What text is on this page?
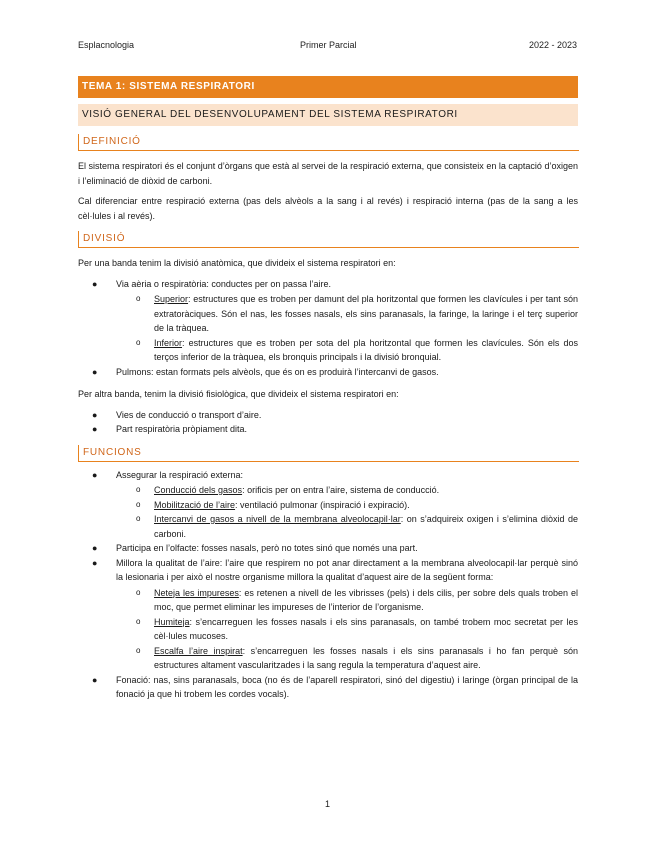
Esplacnologia	Primer Parcial	2022 - 2023
TEMA 1: SISTEMA RESPIRATORI
VISIÓ GENERAL DEL DESENVOLUPAMENT DEL SISTEMA RESPIRATORI
DEFINICIÓ

El sistema respiratori és el conjunt d’òrgans que està al servei de la respiració externa, que consisteix en la captació d’oxigen i l’eliminació de diòxid de carboni.

Cal diferenciar entre respiració externa (pas dels alvèols a la sang i al revés) i respiració interna (pas de la sang a les cèl·lules i al revés).

DIVISIÓ

Per una banda tenim la divisió anatòmica, que divideix el sistema respiratori en:

● Via aèria o respiratòria: conductes per on passa l’aire.
o Superior: estructures que es troben per damunt del pla horitzontal que formen les clavícules i per tant són extratoràciques. Són el nas, les fosses nasals, els sins paranasals, la faringe, la laringe i el terç superior de la tràquea.
o Inferior: estructures que es troben per sota del pla horitzontal que formen les clavícules. Són els dos terços inferior de la tràquea, els bronquis principals i la divisió bronquial.
● Pulmons: estan formats pels alvèols, que és on es produirà l’intercanvi de gasos.

Per altra banda, tenim la divisió fisiològica, que divideix el sistema respiratori en:

● Vies de conducció o transport d’aire.
● Part respiratòria pròpiament dita.
FUNCIONS
● Assegurar la respiració externa:
o Conducció dels gasos: orificis per on entra l’aire, sistema de conducció.
o Mobilització de l’aire: ventilació pulmonar (inspiració i expiració).
o Intercanvi de gasos a nivell de la membrana alveolocapil·lar: on s’adquireix oxigen i s’elimina diòxid de carboni.
● Participa en l’olfacte: fosses nasals, però no totes sinó que només una part.
● Millora la qualitat de l’aire: l’aire que respirem no pot anar directament a la membrana alveolocapil·lar perquè sinó la lesionaria i per això el nostre organisme millora la qualitat d’aquest aire de la següent forma:
o Neteja les impureses: es retenen a nivell de les vibrisses (pels) i dels cilis, per sobre dels quals troben el moc, que permet eliminar les impureses de l’interior de l’organisme.
o Humiteja: s’encarreguen les fosses nasals i els sins paranasals, on també trobem moc secretat per les cèl·lules mucoses.
o Escalfa l’aire inspirat: s’encarreguen les fosses nasals i els sins paranasals i ho fan perquè són estructures altament vascularitzades i la sang regula la temperatura d’aquest aire.
● Fonació: nas, sins paranasals, boca (no és de l’aparell respiratori, sinó del digestiu) i laringe (òrgan principal de la fonació ja que hi trobem les cordes vocals).
1
